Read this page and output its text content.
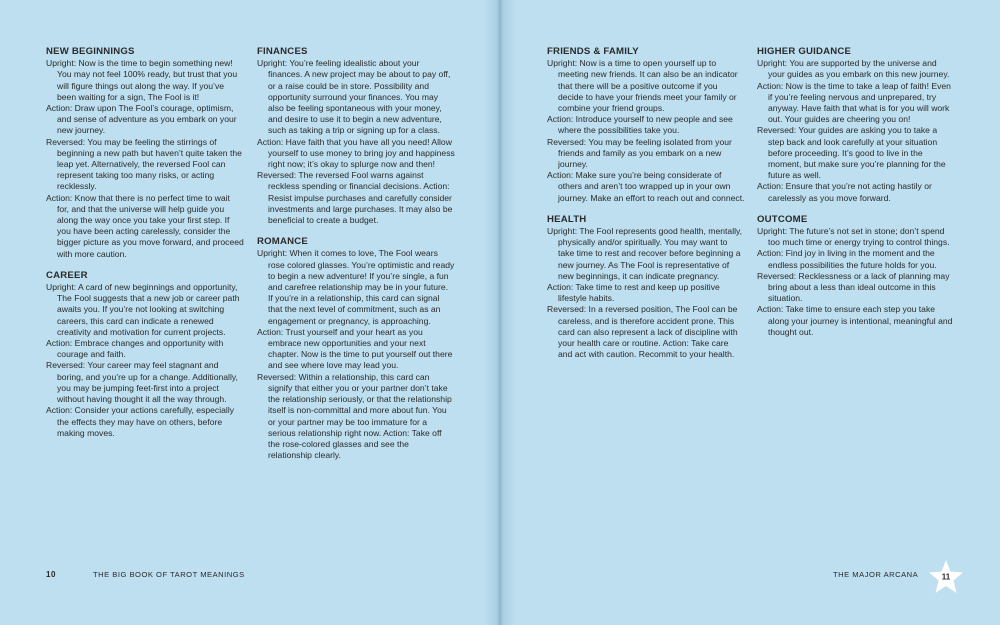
NEW BEGINNINGS
Upright: Now is the time to begin something new! You may not feel 100% ready, but trust that you will figure things out along the way. If you’ve been waiting for a sign, The Fool is it!
Action: Draw upon The Fool’s courage, optimism, and sense of adventure as you embark on your new journey.
Reversed: You may be feeling the stirrings of beginning a new path but haven’t quite taken the leap yet. Alternatively, the reversed Fool can represent taking too many risks, or acting recklessly.
Action: Know that there is no perfect time to wait for, and that the universe will help guide you along the way once you take your first step. If you have been acting carelessly, consider the bigger picture as you move forward, and proceed with more caution.
CAREER
Upright: A card of new beginnings and opportunity, The Fool suggests that a new job or career path awaits you. If you’re not looking at switching careers, this card can indicate a renewed creativity and motivation for current projects.
Action: Embrace changes and opportunity with courage and faith.
Reversed: Your career may feel stagnant and boring, and you’re up for a change. Additionally, you may be jumping feet-first into a project without having thought it all the way through.
Action: Consider your actions carefully, especially the effects they may have on others, before making moves.
FINANCES
Upright: You’re feeling idealistic about your finances. A new project may be about to pay off, or a raise could be in store. Possibility and opportunity surround your finances. You may also be feeling spontaneous with your money, and desire to use it to begin a new adventure, such as taking a trip or signing up for a class.
Action: Have faith that you have all you need! Allow yourself to use money to bring joy and happiness right now; it’s okay to splurge now and then!
Reversed: The reversed Fool warns against reckless spending or financial decisions. Action: Resist impulse purchases and carefully consider investments and large purchases. It may also be beneficial to create a budget.
ROMANCE
Upright: When it comes to love, The Fool wears rose colored glasses. You’re optimistic and ready to begin a new adventure! If you’re single, a fun and carefree relationship may be in your future. If you’re in a relationship, this card can signal that the next level of commitment, such as an engagement or pregnancy, is approaching.
Action: Trust yourself and your heart as you embrace new opportunities and your next chapter. Now is the time to put yourself out there and see where love may lead you.
Reversed: Within a relationship, this card can signify that either you or your partner don’t take the relationship seriously, or that the relationship itself is non-committal and more about fun. You or your partner may be too immature for a serious relationship right now. Action: Take off the rose-colored glasses and see the relationship clearly.
10	THE BIG BOOK OF TAROT MEANINGS
FRIENDS & FAMILY
Upright: Now is a time to open yourself up to meeting new friends. It can also be an indicator that there will be a positive outcome if you decide to have your friends meet your family or combine your friend groups.
Action: Introduce yourself to new people and see where the possibilities take you.
Reversed: You may be feeling isolated from your friends and family as you embark on a new journey.
Action: Make sure you’re being considerate of others and aren’t too wrapped up in your own journey. Make an effort to reach out and connect.
HEALTH
Upright: The Fool represents good health, mentally, physically and/or spiritually. You may want to take time to rest and recover before beginning a new journey. As The Fool is representative of new beginnings, it can indicate pregnancy.
Action: Take time to rest and keep up positive lifestyle habits.
Reversed: In a reversed position, The Fool can be careless, and is therefore accident prone. This card can also represent a lack of discipline with your health care or routine. Action: Take care and act with caution. Recommit to your health.
HIGHER GUIDANCE
Upright: You are supported by the universe and your guides as you embark on this new journey.
Action: Now is the time to take a leap of faith! Even if you’re feeling nervous and unprepared, try anyway. Have faith that what is for you will work out. Your guides are cheering you on!
Reversed: Your guides are asking you to take a step back and look carefully at your situation before proceeding. It’s good to live in the moment, but make sure you’re planning for the future as well.
Action: Ensure that you’re not acting hastily or carelessly as you move forward.
OUTCOME
Upright: The future’s not set in stone; don’t spend too much time or energy trying to control things.
Action: Find joy in living in the moment and the endless possibilities the future holds for you.
Reversed: Recklessness or a lack of planning may bring about a less than ideal outcome in this situation.
Action: Take time to ensure each step you take along your journey is intentional, meaningful and thought out.
THE MAJOR ARCANA	11
